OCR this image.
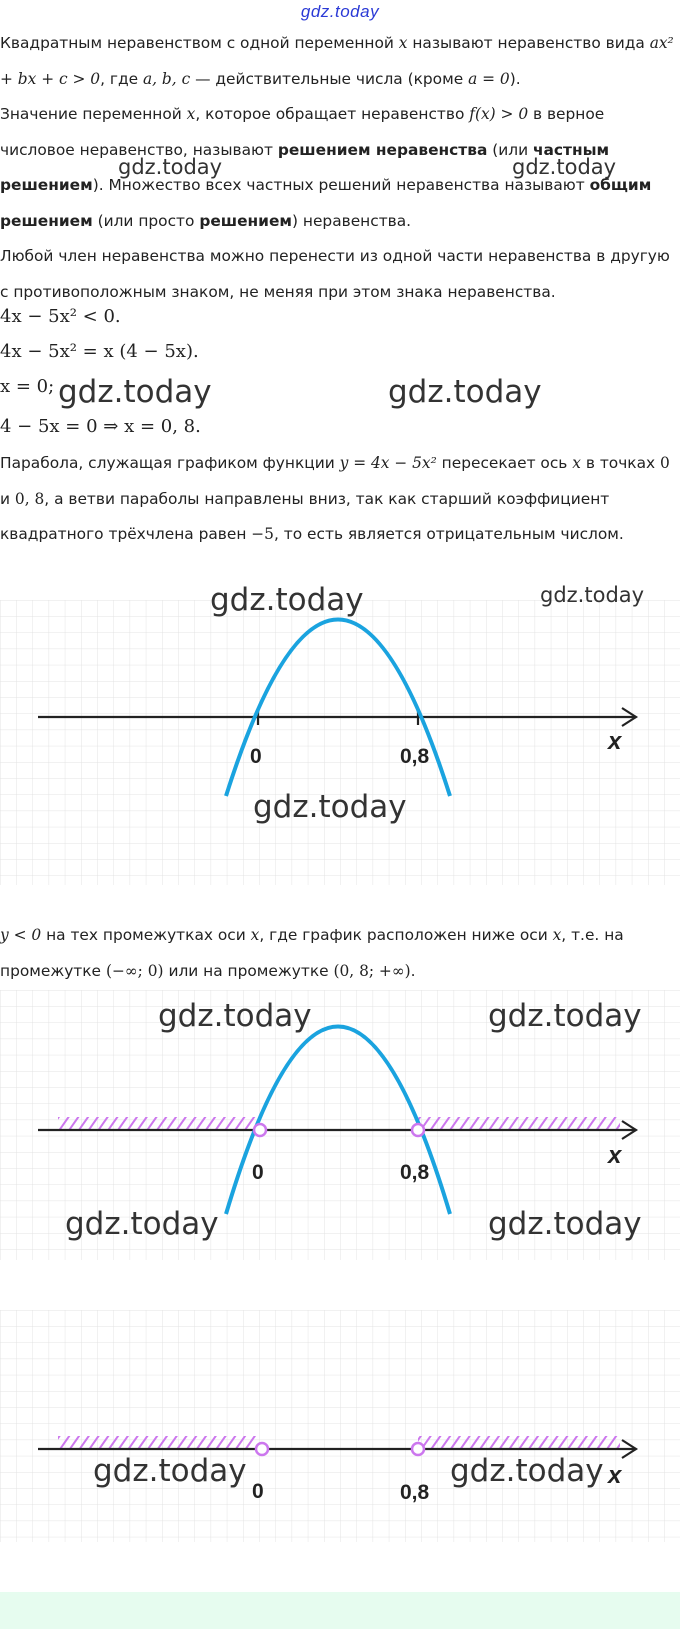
gdz.today
Квадратным неравенством с одной переменной x называют неравенство вида ax² + bx + c > 0, где a, b, c — действительные числа (кроме a = 0).
Значение переменной x, которое обращает неравенство f(x) > 0 в верное числовое неравенство, называют решением неравенства (или частным решением). Множество всех частных решений неравенства называют общим решением (или просто решением) неравенства.
Любой член неравенства можно перенести из одной части неравенства в другую с противоположным знаком, не меняя при этом знака неравенства.
4x − 5x² < 0.
4x − 5x² = x (4 − 5x).
x = 0;
4 − 5x = 0 ⇒ x = 0, 8.
Парабола, служащая графиком функции y = 4x − 5x² пересекает ось x в точках 0 и 0, 8, а ветви параболы направлены вниз, так как старший коэффициент квадратного трёхчлена равен −5, то есть является отрицательным числом.
0	0,8
x
y < 0 на тех промежутках оси x, где график расположен ниже оси x, т.е. на промежутке (−∞; 0) или на промежутке (0, 8; +∞).
0	0,8
x
0	0,8
x
gdz.today	gdz.today
gdz.today	gdz.today
gdz.today	gdz.today
gdz.today
gdz.today	gdz.today
gdz.today	gdz.today
gdz.today	gdz.today
